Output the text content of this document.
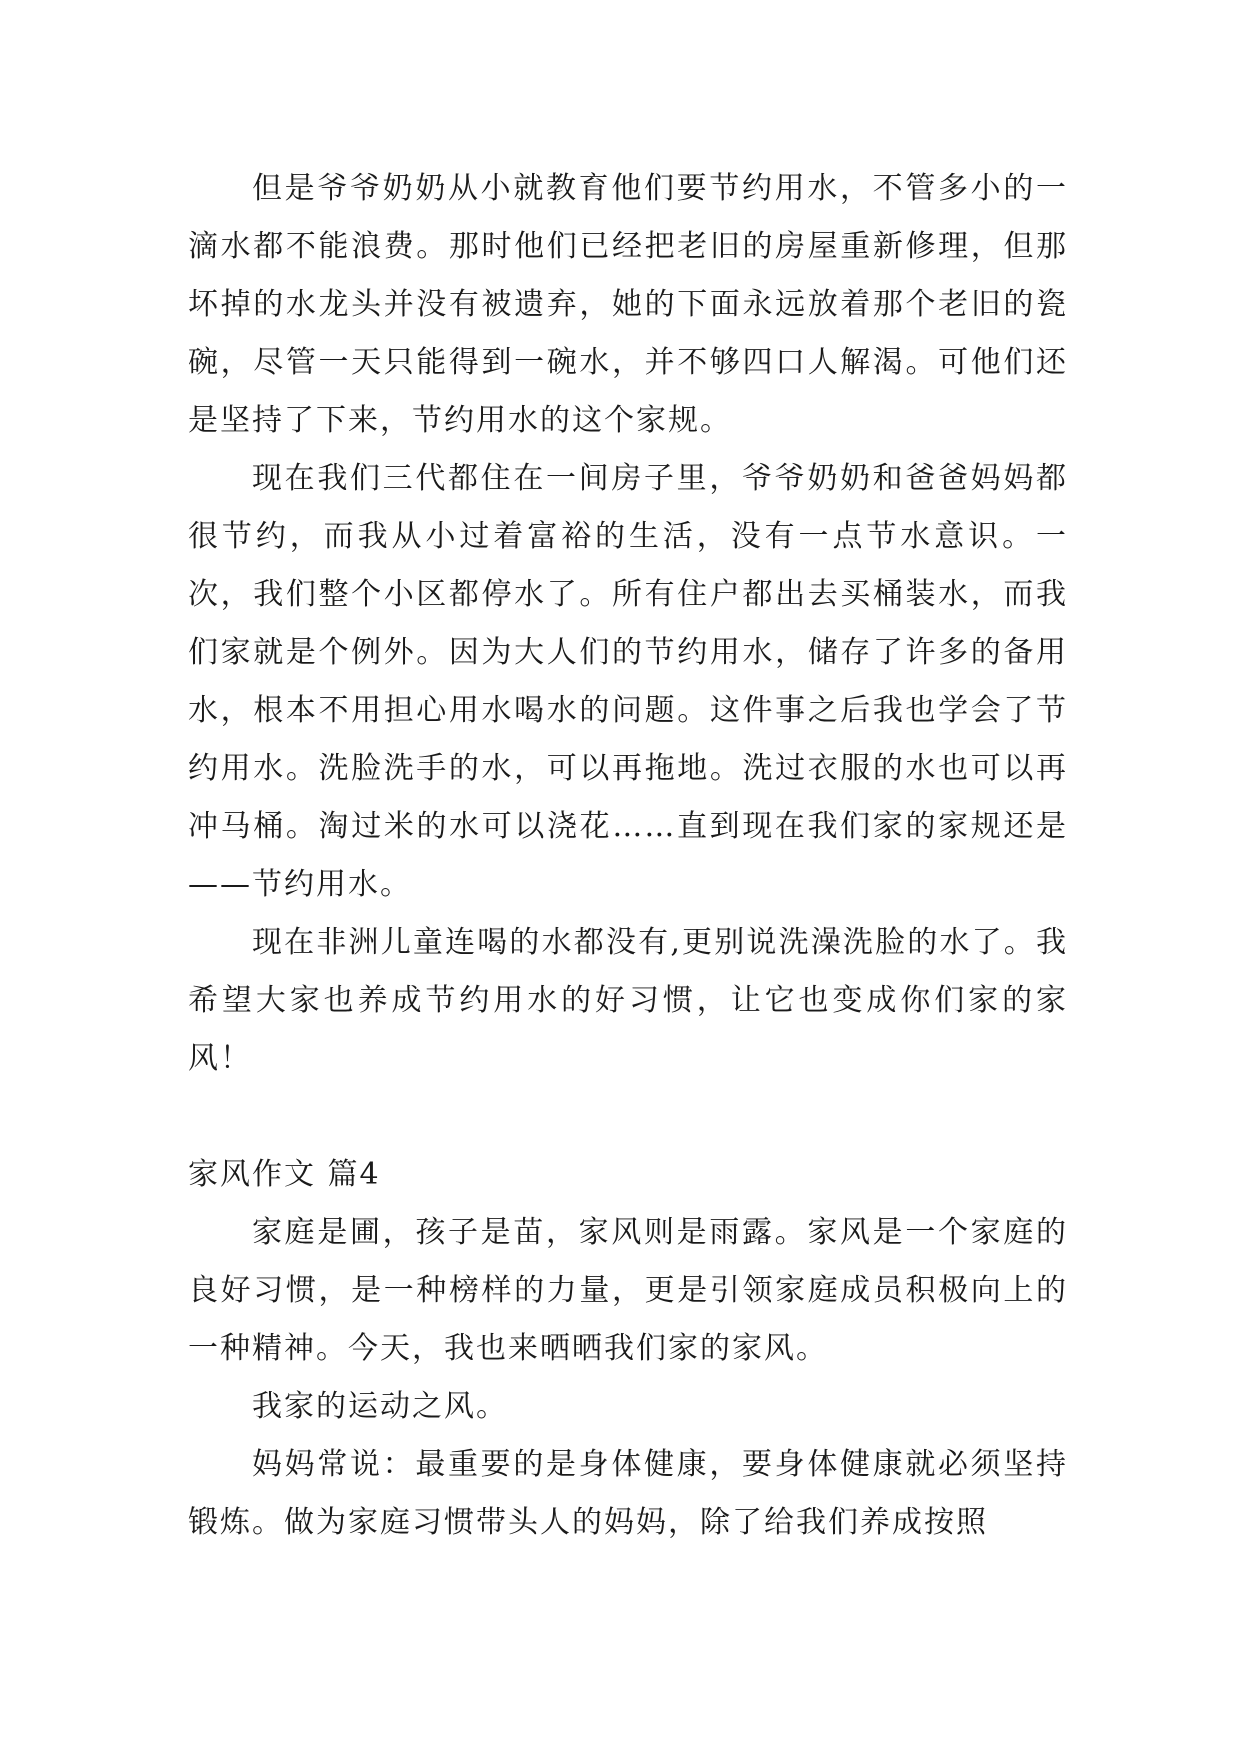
但是爷爷奶奶从小就教育他们要节约用水，不管多小的一滴水都不能浪费。那时他们已经把老旧的房屋重新修理，但那坏掉的水龙头并没有被遗弃，她的下面永远放着那个老旧的瓷碗，尽管一天只能得到一碗水，并不够四口人解渴。可他们还是坚持了下来，节约用水的这个家规。

现在我们三代都住在一间房子里，爷爷奶奶和爸爸妈妈都很节约，而我从小过着富裕的生活，没有一点节水意识。一次，我们整个小区都停水了。所有住户都出去买桶装水，而我们家就是个例外。因为大人们的节约用水，储存了许多的备用水，根本不用担心用水喝水的问题。这件事之后我也学会了节约用水。洗脸洗手的水，可以再拖地。洗过衣服的水也可以再冲马桶。淘过米的水可以浇花……直到现在我们家的家规还是——节约用水。

现在非洲儿童连喝的水都没有,更别说洗澡洗脸的水了。我希望大家也养成节约用水的好习惯，让它也变成你们家的家风！

家风作文 篇4

家庭是圃，孩子是苗，家风则是雨露。家风是一个家庭的良好习惯，是一种榜样的力量，更是引领家庭成员积极向上的一种精神。今天，我也来晒晒我们家的家风。

我家的运动之风。

妈妈常说：最重要的是身体健康，要身体健康就必须坚持锻炼。做为家庭习惯带头人的妈妈，除了给我们养成按照
